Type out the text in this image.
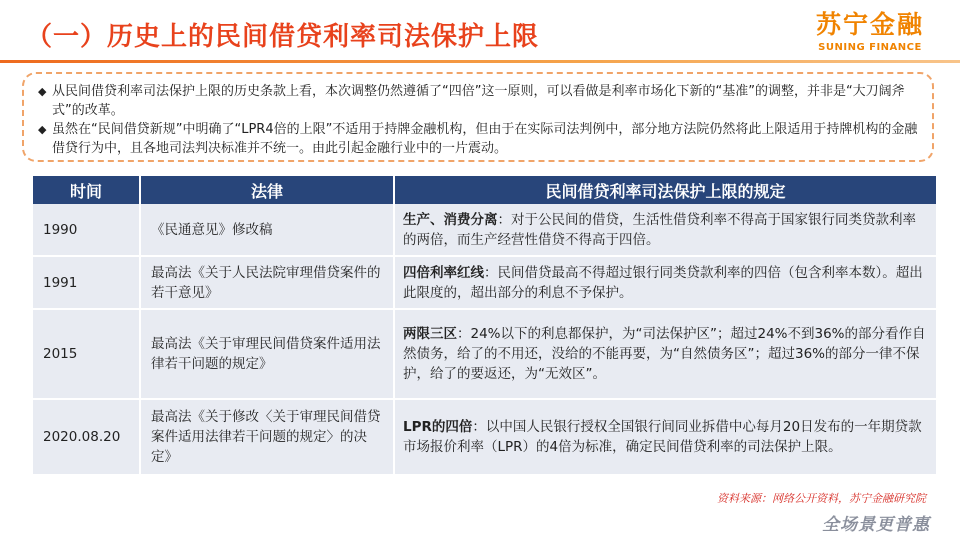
（一）历史上的民间借贷利率司法保护上限	苏宁金融
SUNING FINANCE
◆ 从民间借贷利率司法保护上限的历史条款上看，本次调整仍然遵循了“四倍”这一原则，可以看做是利率市场化下新的“基准”的调整，并非是“大刀阔斧式”的改革。
◆ 虽然在“民间借贷新规”中明确了“LPR4倍的上限”不适用于持牌金融机构，但由于在实际司法判例中，部分地方法院仍然将此上限适用于持牌机构的金融借贷行为中，且各地司法判决标准并不统一。由此引起金融行业中的一片震动。
时间	法律	民间借贷利率司法保护上限的规定
1990	《民通意见》修改稿	生产、消费分离：对于公民间的借贷，生活性借贷利率不得高于国家银行同类贷款利率的两倍，而生产经营性借贷不得高于四倍。
1991	最高法《关于人民法院审理借贷案件的若干意见》	四倍利率红线：民间借贷最高不得超过银行同类贷款利率的四倍（包含利率本数）。超出此限度的，超出部分的利息不予保护。
2015	最高法《关于审理民间借贷案件适用法律若干问题的规定》	两限三区：24%以下的利息都保护，为“司法保护区”；超过24%不到36%的部分看作自然债务，给了的不用还，没给的不能再要，为“自然债务区”；超过36%的部分一律不保护，给了的要返还，为“无效区”。
2020.08.20	最高法《关于修改〈关于审理民间借贷案件适用法律若干问题的规定〉的决定》	LPR的四倍：以中国人民银行授权全国银行间同业拆借中心每月20日发布的一年期贷款市场报价利率（LPR）的4倍为标准，确定民间借贷利率的司法保护上限。
资料来源：网络公开资料，苏宁金融研究院
全场景更普惠
